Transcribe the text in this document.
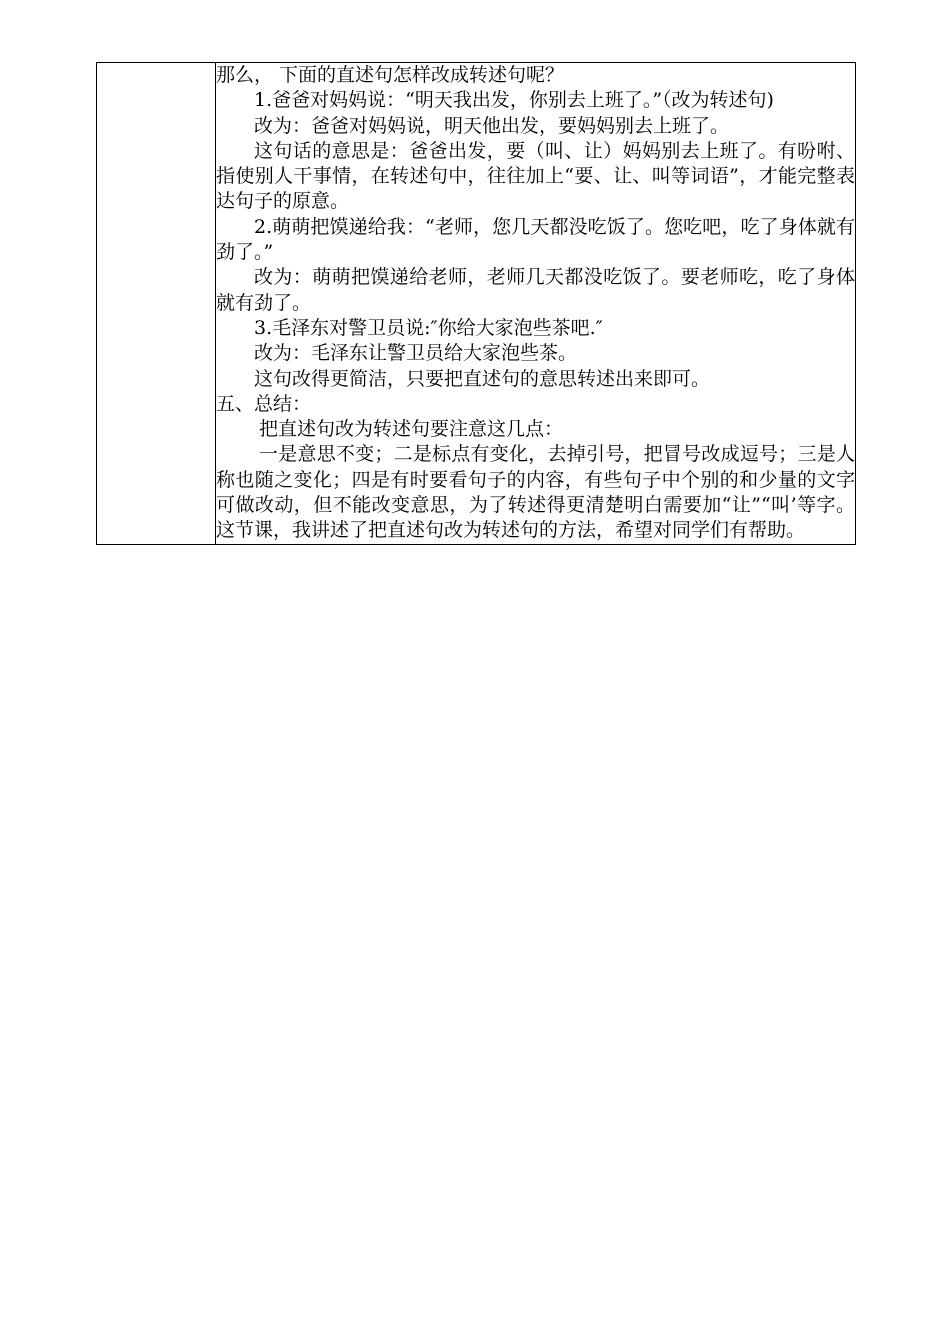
那么， 下面的直述句怎样改成转述句呢？

1.爸爸对妈妈说：“明天我出发，你别去上班了。”（改为转述句)

改为：爸爸对妈妈说，明天他出发，要妈妈别去上班了。

这句话的意思是：爸爸出发，要（叫、让）妈妈别去上班了。有吩咐、指使别人干事情，在转述句中，往往加上“要、让、叫等词语”，才能完整表达句子的原意。

2.萌萌把馍递给我：“老师，您几天都没吃饭了。您吃吧，吃了身体就有劲了。”

改为：萌萌把馍递给老师，老师几天都没吃饭了。要老师吃，吃了身体就有劲了。

3.毛泽东对警卫员说:″你给大家泡些茶吧.″

改为：毛泽东让警卫员给大家泡些茶。

这句改得更简洁，只要把直述句的意思转述出来即可。

五、总结：

把直述句改为转述句要注意这几点：

一是意思不变；二是标点有变化，去掉引号，把冒号改成逗号；三是人称也随之变化；四是有时要看句子的内容，有些句子中个别的和少量的文字可做改动，但不能改变意思，为了转述得更清楚明白需要加“让”“叫’等字。这节课，我讲述了把直述句改为转述句的方法，希望对同学们有帮助。
